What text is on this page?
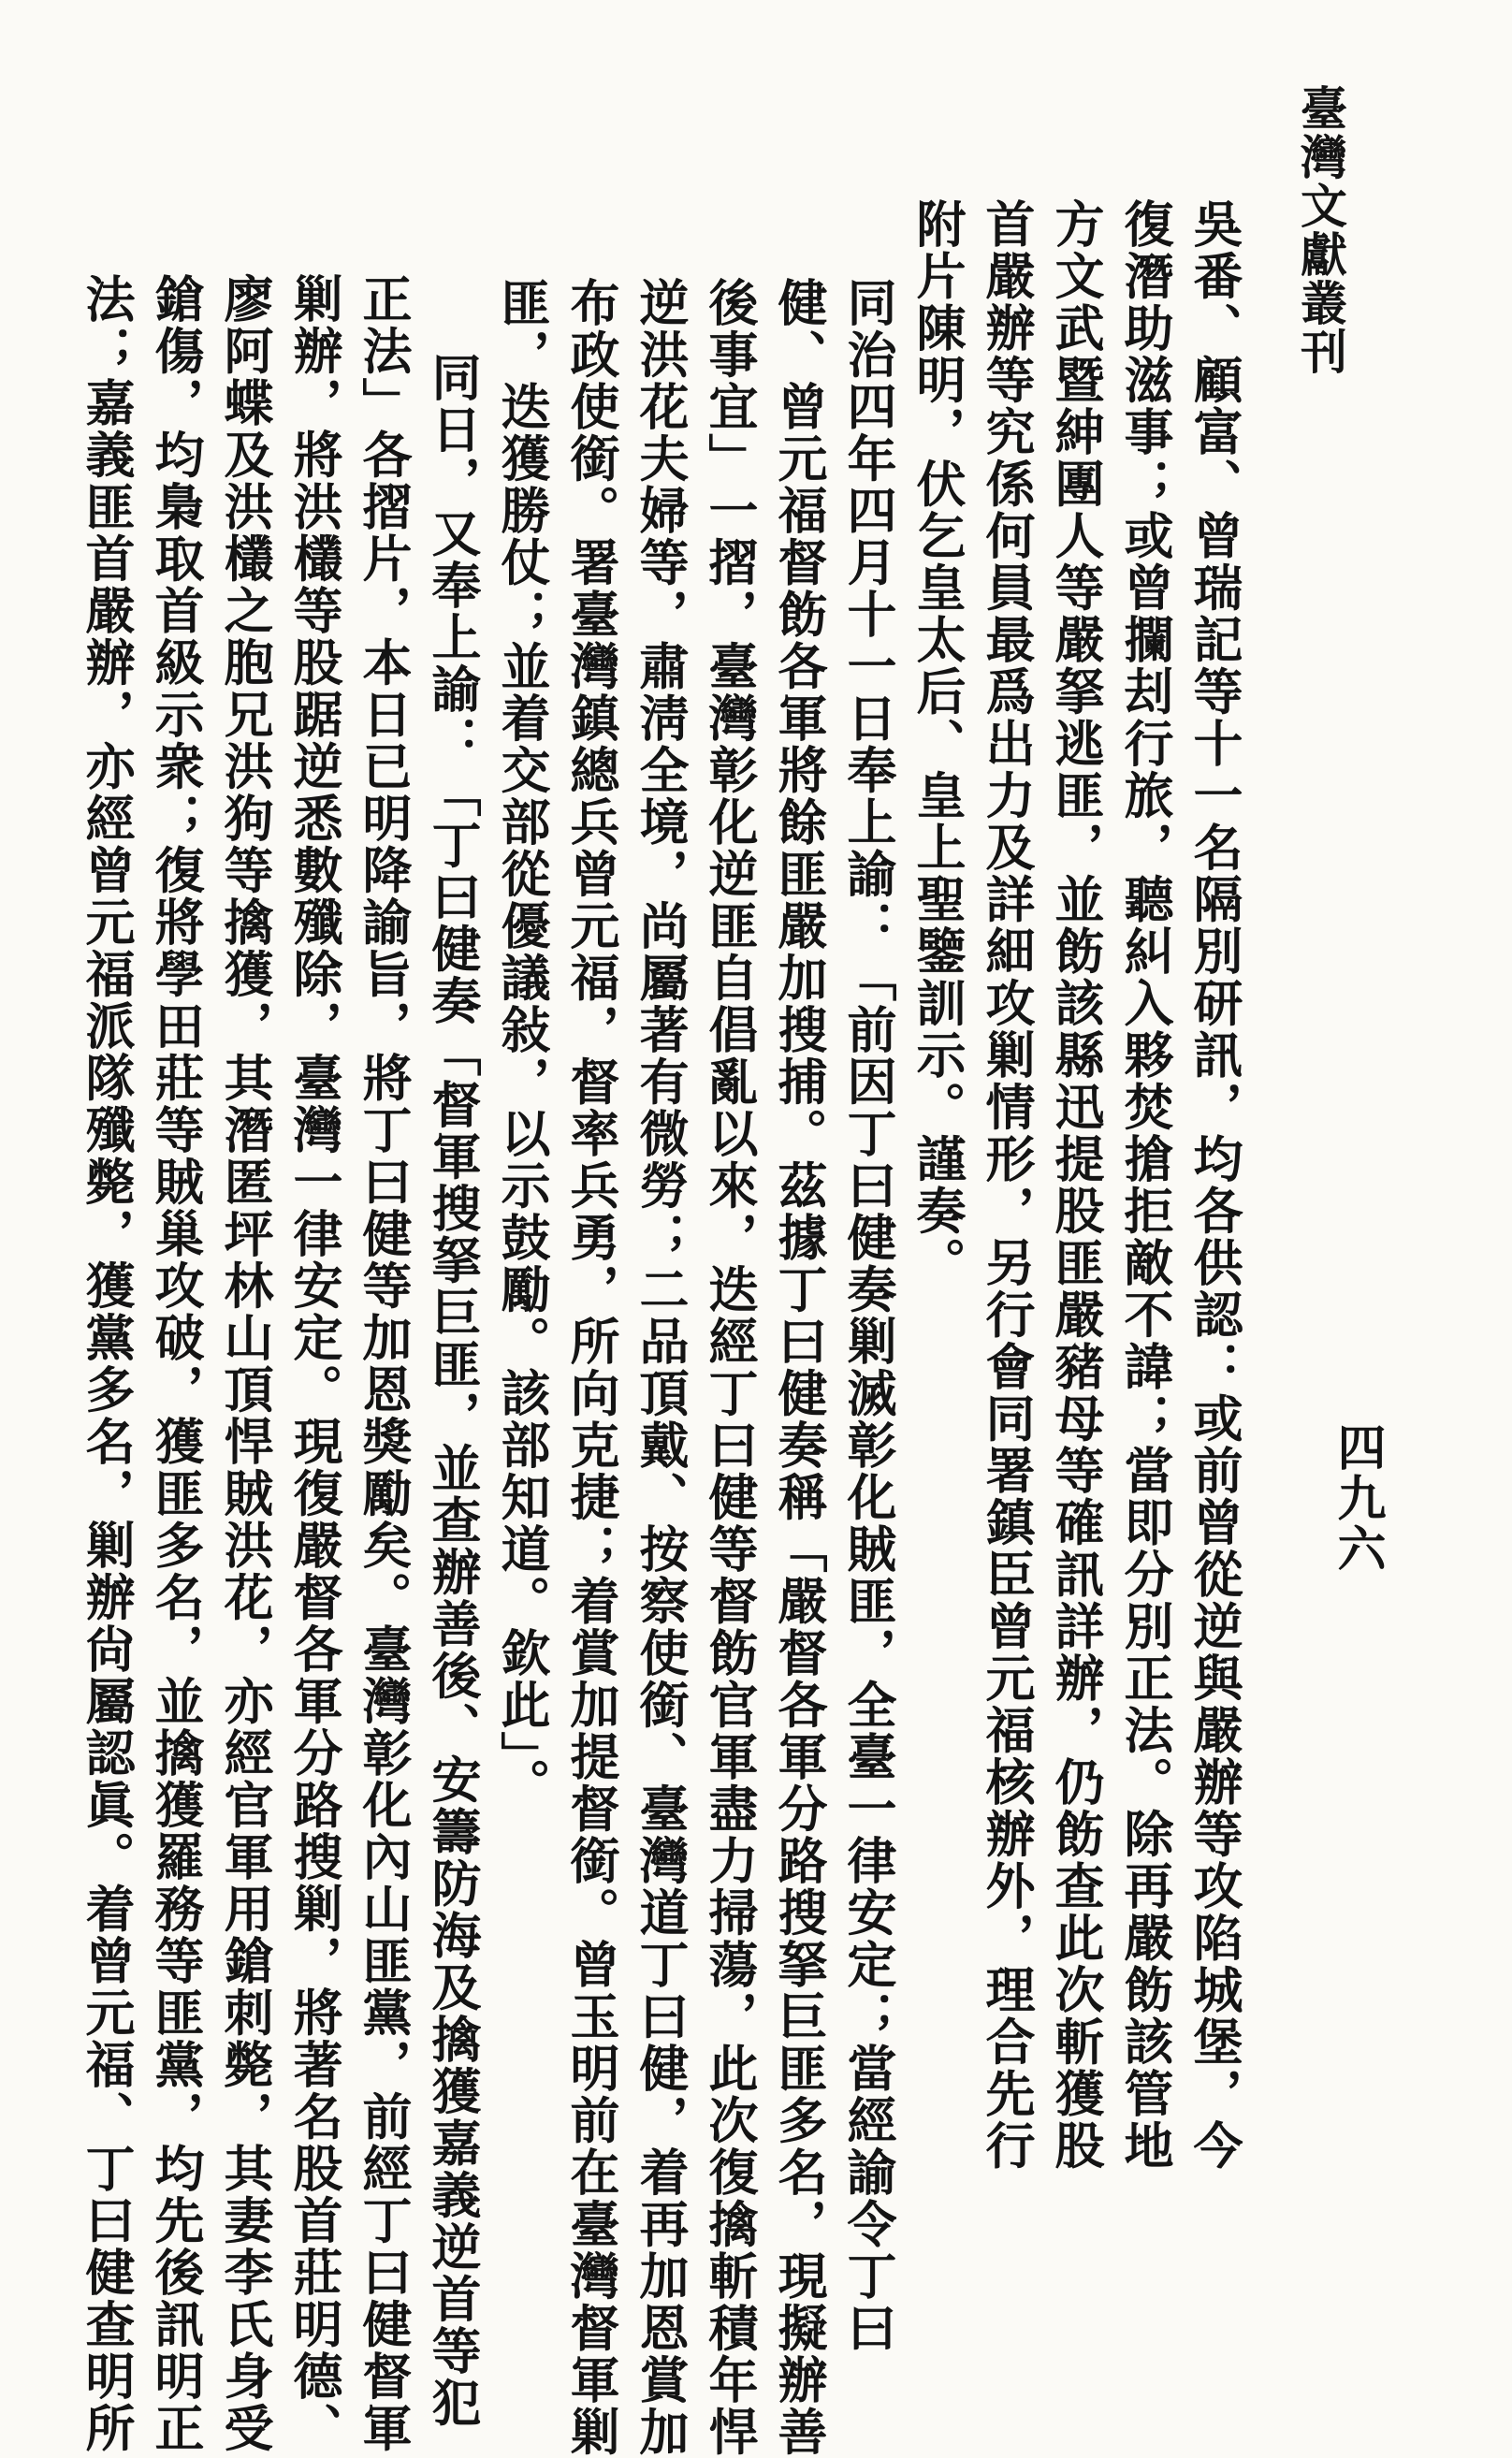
臺灣文獻叢刊
四九六
吳番、顧富、曾瑞記等十一名隔別研訊，均各供認：或前曾從逆與嚴辦等攻陷城堡，今
復潛助滋事；或曾攔刦行旅，聽糾入夥焚搶拒敵不諱；當即分別正法。除再嚴飭該管地
方文武暨紳團人等嚴拏逃匪，並飭該縣迅提股匪嚴豬母等確訊詳辦，仍飭查此次斬獲股
首嚴辦等究係何員最爲出力及詳細攻剿情形，另行會同署鎮臣曾元福核辦外，理合先行
附片陳明，伏乞皇太后、皇上聖鑒訓示。謹奏。
同治四年四月十一日奉上諭：「前因丁曰健奏剿滅彰化賊匪，全臺一律安定；當經諭令丁曰
健、曾元福督飭各軍將餘匪嚴加搜捕。茲據丁曰健奏稱「嚴督各軍分路搜拏巨匪多名，現擬辦善
後事宜」一摺，臺灣彰化逆匪自倡亂以來，迭經丁曰健等督飭官軍盡力掃蕩，此次復擒斬積年悍
逆洪花夫婦等，肅淸全境，尚屬著有微勞；二品頂戴、按察使銜、臺灣道丁曰健，着再加恩賞加
布政使銜。署臺灣鎮總兵曾元福，督率兵勇，所向克捷；着賞加提督銜。曾玉明前在臺灣督軍剿
匪，迭獲勝仗；並着交部從優議敍，以示鼓勵。該部知道。欽此」。
同日，又奉上諭：「丁曰健奏「督軍搜拏巨匪，並查辦善後、安籌防海及擒獲嘉義逆首等犯
正法」各摺片，本日已明降諭旨，將丁曰健等加恩獎勵矣。臺灣彰化內山匪黨，前經丁曰健督軍
剿辦，將洪欉等股踞逆悉數殲除，臺灣一律安定。現復嚴督各軍分路搜剿，將著名股首莊明德、
廖阿蝶及洪欉之胞兄洪狗等擒獲，其潛匿坪林山頂悍賊洪花，亦經官軍用鎗刺斃，其妻李氏身受
鎗傷，均梟取首級示衆；復將學田莊等賊巢攻破，獲匪多名，並擒獲羅務等匪黨，均先後訊明正
法；嘉義匪首嚴辦，亦經曾元福派隊殲斃，獲黨多名，剿辦尙屬認眞。着曾元福、丁曰健查明所
